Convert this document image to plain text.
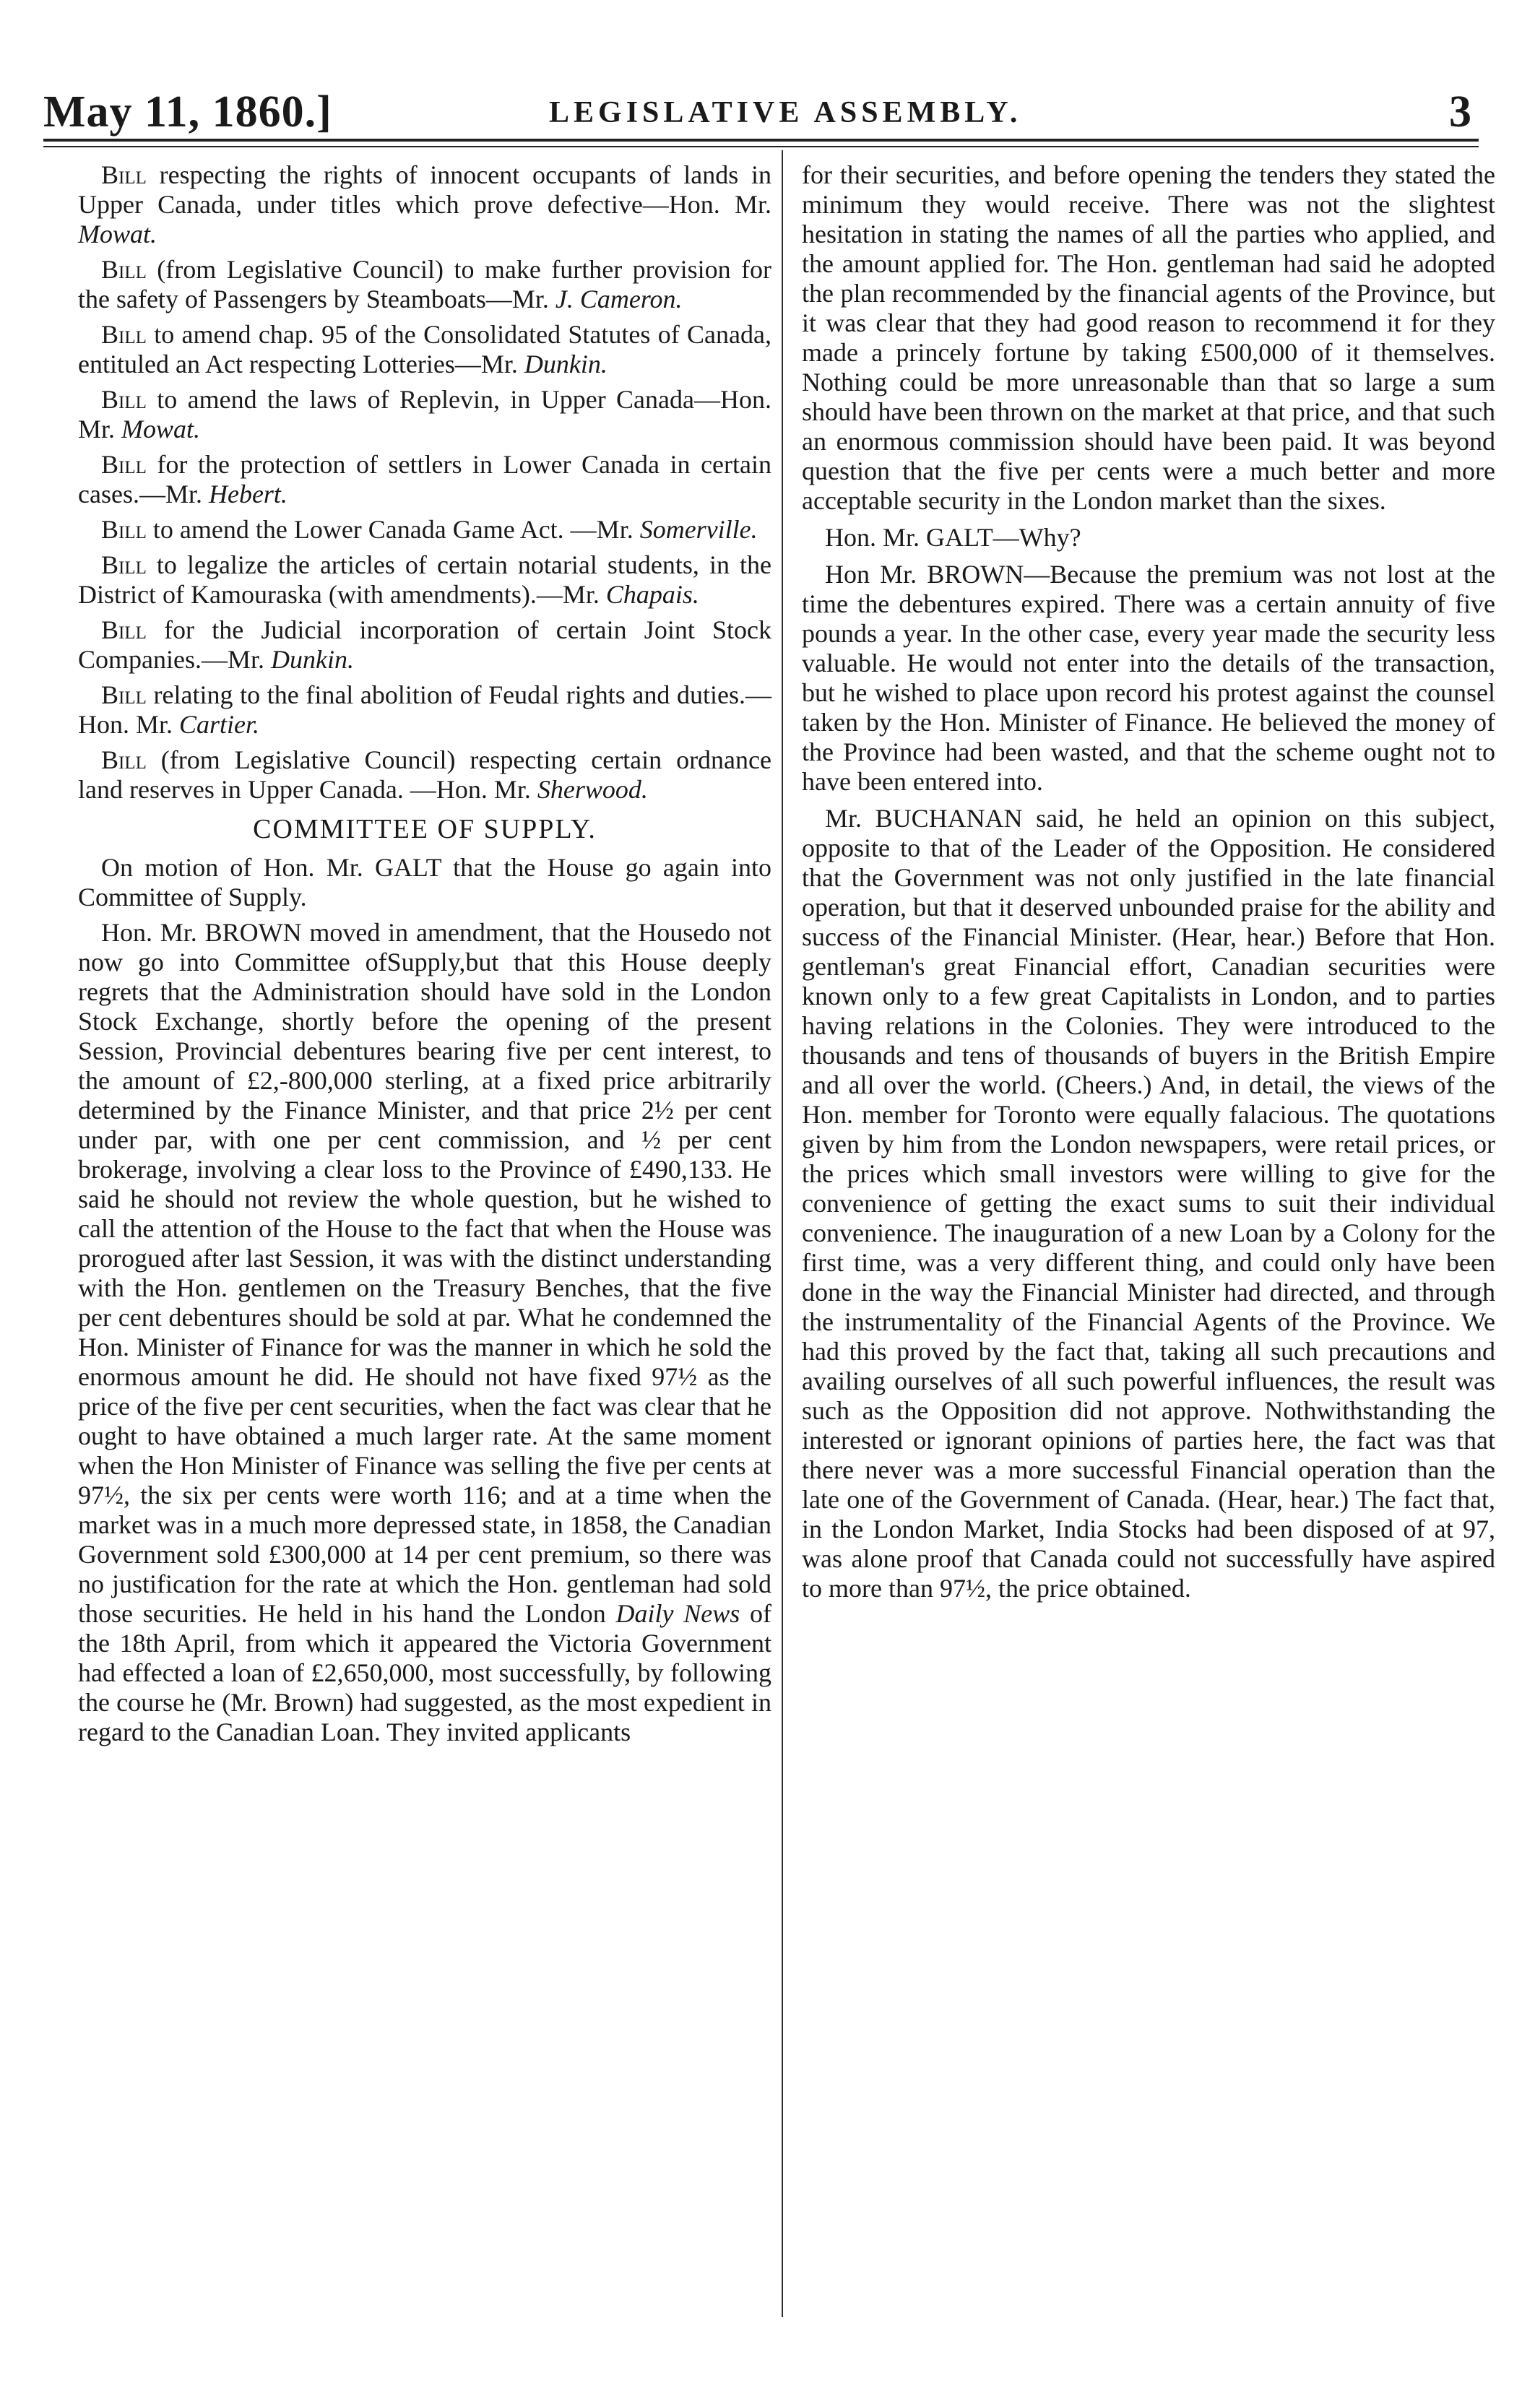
May 11, 1860.]	LEGISLATIVE ASSEMBLY.	3

Bill respecting the rights of innocent occupants of lands in Upper Canada, under titles which prove defective—Hon. Mr. Mowat.

Bill (from Legislative Council) to make further provision for the safety of Passengers by Steamboats—Mr. J. Cameron.

Bill to amend chap. 95 of the Consolidated Statutes of Canada, entituled an Act respecting Lotteries—Mr. Dunkin.

Bill to amend the laws of Replevin, in Upper Canada—Hon. Mr. Mowat.

Bill for the protection of settlers in Lower Canada in certain cases.—Mr. Hebert.

Bill to amend the Lower Canada Game Act. —Mr. Somerville.

Bill to legalize the articles of certain notarial students, in the District of Kamouraska (with amendments).—Mr. Chapais.

Bill for the Judicial incorporation of certain Joint Stock Companies.—Mr. Dunkin.

Bill relating to the final abolition of Feudal rights and duties.—Hon. Mr. Cartier.

Bill (from Legislative Council) respecting certain ordnance land reserves in Upper Canada. —Hon. Mr. Sherwood.

COMMITTEE OF SUPPLY.

On motion of Hon. Mr. GALT that the House go again into Committee of Supply.

Hon. Mr. BROWN moved in amendment, that the Housedo not now go into Committee ofSupply,but that this House deeply regrets that the Administration should have sold in the London Stock Exchange, shortly before the opening of the present Session, Provincial debentures bearing five per cent interest, to the amount of £2,-800,000 sterling, at a fixed price arbitrarily determined by the Finance Minister, and that price 2½ per cent under par, with one per cent commission, and ½ per cent brokerage, involving a clear loss to the Province of £490,133. He said he should not review the whole question, but he wished to call the attention of the House to the fact that when the House was prorogued after last Session, it was with the distinct understanding with the Hon. gentlemen on the Treasury Benches, that the five per cent debentures should be sold at par. What he condemned the Hon. Minister of Finance for was the manner in which he sold the enormous amount he did. He should not have fixed 97½ as the price of the five per cent securities, when the fact was clear that he ought to have obtained a much larger rate. At the same moment when the Hon Minister of Finance was selling the five per cents at 97½, the six per cents were worth 116; and at a time when the market was in a much more depressed state, in 1858, the Canadian Government sold £300,000 at 14 per cent premium, so there was no justification for the rate at which the Hon. gentleman had sold those securities. He held in his hand the London Daily News of the 18th April, from which it appeared the Victoria Government had effected a loan of £2,650,000, most successfully, by following the course he (Mr. Brown) had suggested, as the most expedient in regard to the Canadian Loan. They invited applicants

for their securities, and before opening the tenders they stated the minimum they would receive. There was not the slightest hesitation in stating the names of all the parties who applied, and the amount applied for. The Hon. gentleman had said he adopted the plan recommended by the financial agents of the Province, but it was clear that they had good reason to recommend it for they made a princely fortune by taking £500,000 of it themselves. Nothing could be more unreasonable than that so large a sum should have been thrown on the market at that price, and that such an enormous commission should have been paid. It was beyond question that the five per cents were a much better and more acceptable security in the London market than the sixes.

Hon. Mr. GALT—Why?

Hon Mr. BROWN—Because the premium was not lost at the time the debentures expired. There was a certain annuity of five pounds a year. In the other case, every year made the security less valuable. He would not enter into the details of the transaction, but he wished to place upon record his protest against the counsel taken by the Hon. Minister of Finance. He believed the money of the Province had been wasted, and that the scheme ought not to have been entered into.

Mr. BUCHANAN said, he held an opinion on this subject, opposite to that of the Leader of the Opposition. He considered that the Government was not only justified in the late financial operation, but that it deserved unbounded praise for the ability and success of the Financial Minister. (Hear, hear.) Before that Hon. gentleman's great Financial effort, Canadian securities were known only to a few great Capitalists in London, and to parties having relations in the Colonies. They were introduced to the thousands and tens of thousands of buyers in the British Empire and all over the world. (Cheers.) And, in detail, the views of the Hon. member for Toronto were equally falacious. The quotations given by him from the London newspapers, were retail prices, or the prices which small investors were willing to give for the convenience of getting the exact sums to suit their individual convenience. The inauguration of a new Loan by a Colony for the first time, was a very different thing, and could only have been done in the way the Financial Minister had directed, and through the instrumentality of the Financial Agents of the Province. We had this proved by the fact that, taking all such precautions and availing ourselves of all such powerful influences, the result was such as the Opposition did not approve. Nothwithstanding the interested or ignorant opinions of parties here, the fact was that there never was a more successful Financial operation than the late one of the Government of Canada. (Hear, hear.) The fact that, in the London Market, India Stocks had been disposed of at 97, was alone proof that Canada could not successfully have aspired to more than 97½, the price obtained.
